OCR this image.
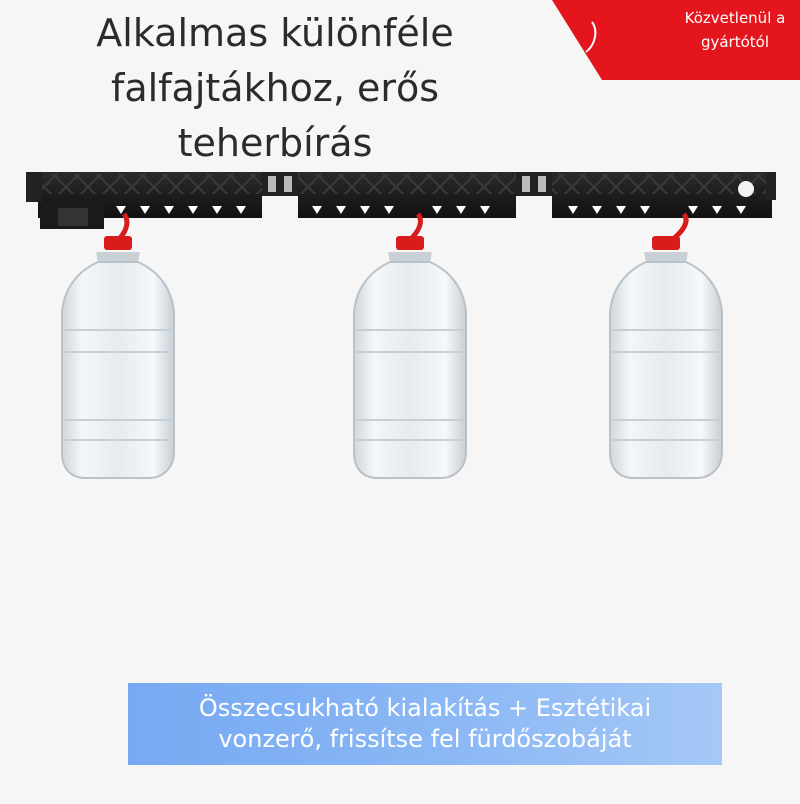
Alkalmas különféle
falfajtákhoz, erős
teherbírás
Közvetlenül a
gyártótól
Összecsukható kialakítás + Esztétikai
vonzerő, frissítse fel fürdőszobáját
